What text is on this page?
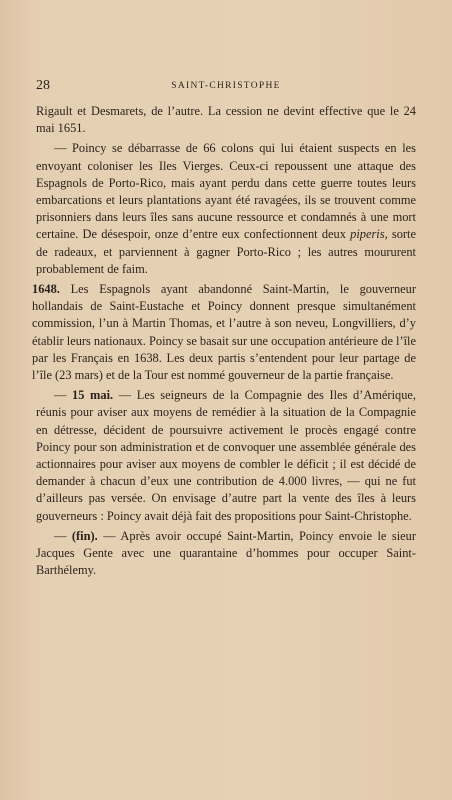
28	SAINT-CHRISTOPHE

Rigault et Desmarets, de l’autre. La cession ne devint effective que le 24 mai 1651.

— Poincy se débarrasse de 66 colons qui lui étaient suspects en les envoyant coloniser les Iles Vierges. Ceux-ci repoussent une attaque des Espagnols de Porto-Rico, mais ayant perdu dans cette guerre toutes leurs embarcations et leurs plantations ayant été ravagées, ils se trouvent comme prisonniers dans leurs îles sans aucune ressource et condamnés à une mort certaine. De désespoir, onze d’entre eux confectionnent deux piperis, sorte de radeaux, et parviennent à gagner Porto-Rico ; les autres moururent probablement de faim.

1648. Les Espagnols ayant abandonné Saint-Martin, le gouverneur hollandais de Saint-Eustache et Poincy donnent presque simultanément commission, l’un à Martin Thomas, et l’autre à son neveu, Longvilliers, d’y établir leurs nationaux. Poincy se basait sur une occupation antérieure de l’île par les Français en 1638. Les deux partis s’entendent pour leur partage de l’île (23 mars) et de la Tour est nommé gouverneur de la partie française.

— 15 mai. — Les seigneurs de la Compagnie des Iles d’Amérique, réunis pour aviser aux moyens de remédier à la situation de la Compagnie en détresse, décident de poursuivre activement le procès engagé contre Poincy pour son administration et de convoquer une assemblée générale des actionnaires pour aviser aux moyens de combler le déficit ; il est décidé de demander à chacun d’eux une contribution de 4.000 livres, — qui ne fut d’ailleurs pas versée. On envisage d’autre part la vente des îles à leurs gouverneurs : Poincy avait déjà fait des propositions pour Saint-Christophe.

— (fin). — Après avoir occupé Saint-Martin, Poincy envoie le sieur Jacques Gente avec une quarantaine d’hommes pour occuper Saint-Barthélemy.
